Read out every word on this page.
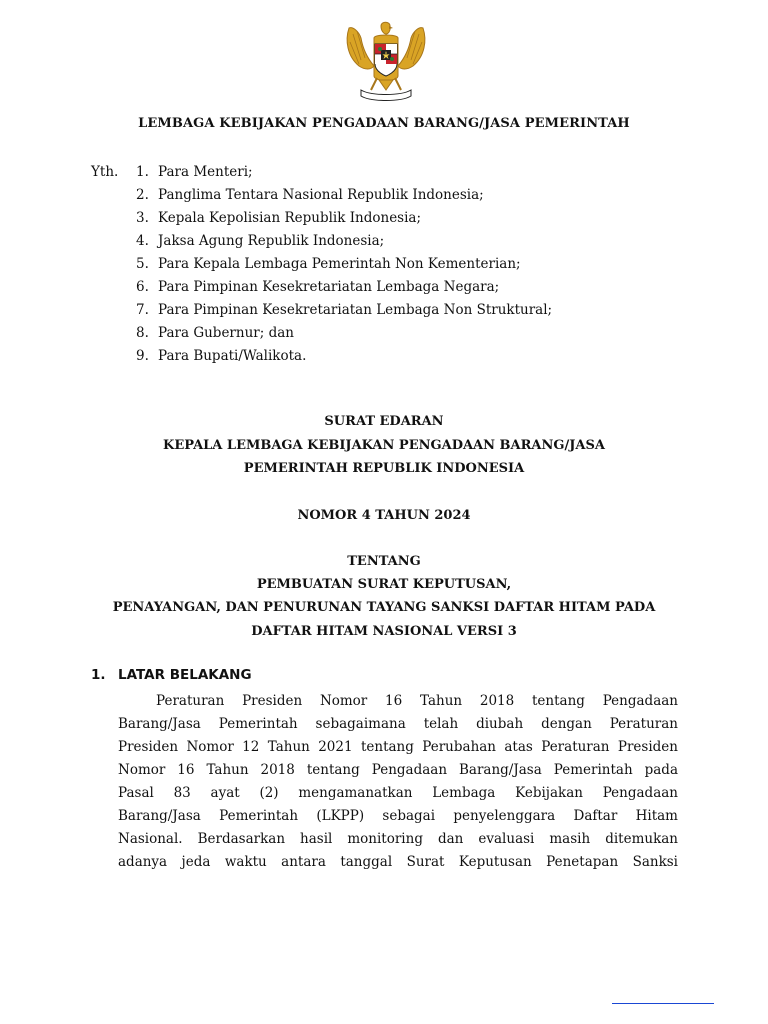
LEMBAGA KEBIJAKAN PENGADAAN BARANG/JASA PEMERINTAH
Yth. 1. Para Menteri;
2. Panglima Tentara Nasional Republik Indonesia;
3. Kepala Kepolisian Republik Indonesia;
4. Jaksa Agung Republik Indonesia;
5. Para Kepala Lembaga Pemerintah Non Kementerian;
6. Para Pimpinan Kesekretariatan Lembaga Negara;
7. Para Pimpinan Kesekretariatan Lembaga Non Struktural;
8. Para Gubernur; dan
9. Para Bupati/Walikota.
SURAT EDARAN
KEPALA LEMBAGA KEBIJAKAN PENGADAAN BARANG/JASA
PEMERINTAH REPUBLIK INDONESIA
NOMOR 4 TAHUN 2024
TENTANG
PEMBUATAN SURAT KEPUTUSAN,
PENAYANGAN, DAN PENURUNAN TAYANG SANKSI DAFTAR HITAM PADA
DAFTAR HITAM NASIONAL VERSI 3
1. LATAR BELAKANG
Peraturan Presiden Nomor 16 Tahun 2018 tentang Pengadaan
Barang/Jasa Pemerintah sebagaimana telah diubah dengan Peraturan
Presiden Nomor 12 Tahun 2021 tentang Perubahan atas Peraturan Presiden
Nomor 16 Tahun 2018 tentang Pengadaan Barang/Jasa Pemerintah pada
Pasal 83 ayat (2) mengamanatkan Lembaga Kebijakan Pengadaan
Barang/Jasa Pemerintah (LKPP) sebagai penyelenggara Daftar Hitam
Nasional. Berdasarkan hasil monitoring dan evaluasi masih ditemukan
adanya jeda waktu antara tanggal Surat Keputusan Penetapan Sanksi
